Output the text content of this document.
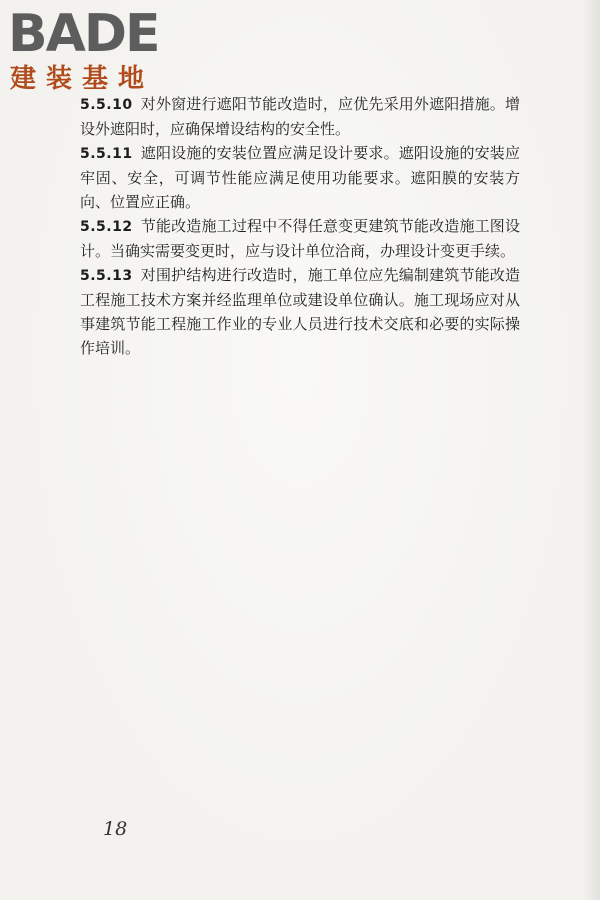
BADE
建装基地

5.5.10 对外窗进行遮阳节能改造时，应优先采用外遮阳措施。增设外遮阳时，应确保增设结构的安全性。

5.5.11 遮阳设施的安装位置应满足设计要求。遮阳设施的安装应牢固、安全，可调节性能应满足使用功能要求。遮阳膜的安装方向、位置应正确。

5.5.12 节能改造施工过程中不得任意变更建筑节能改造施工图设计。当确实需要变更时，应与设计单位洽商，办理设计变更手续。

5.5.13 对围护结构进行改造时，施工单位应先编制建筑节能改造工程施工技术方案并经监理单位或建设单位确认。施工现场应对从事建筑节能工程施工作业的专业人员进行技术交底和必要的实际操作培训。

18
